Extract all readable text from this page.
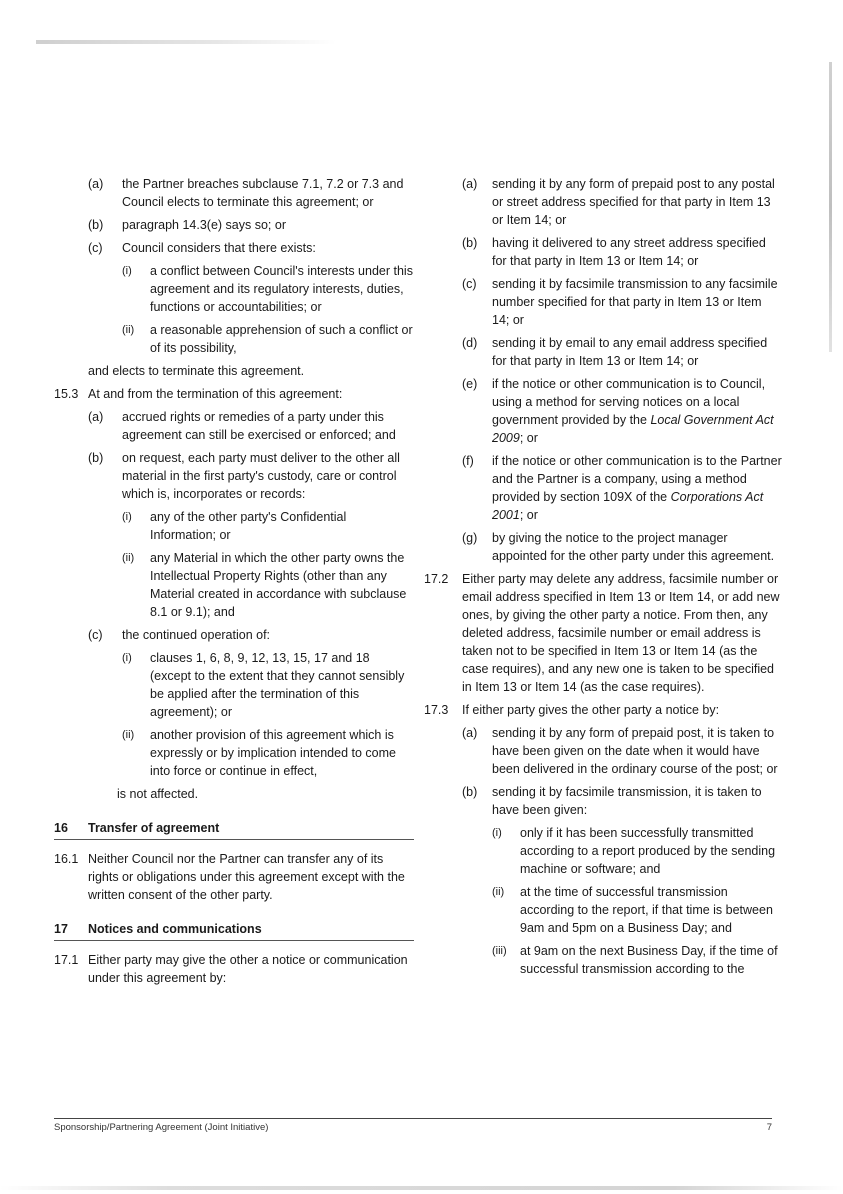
(a)	the Partner breaches subclause 7.1, 7.2 or 7.3 and Council elects to terminate this agreement; or
(b)	paragraph 14.3(e) says so; or
(c)	Council considers that there exists:
(i)	a conflict between Council's interests under this agreement and its regulatory interests, duties, functions or accountabilities; or
(ii)	a reasonable apprehension of such a conflict or of its possibility,
and elects to terminate this agreement.
15.3 At and from the termination of this agreement:
(a)	accrued rights or remedies of a party under this agreement can still be exercised or enforced; and
(b)	on request, each party must deliver to the other all material in the first party's custody, care or control which is, incorporates or records:
(i)	any of the other party's Confidential Information; or
(ii)	any Material in which the other party owns the Intellectual Property Rights (other than any Material created in accordance with subclause 8.1 or 9.1); and
(c)	the continued operation of:
(i)	clauses 1, 6, 8, 9, 12, 13, 15, 17 and 18 (except to the extent that they cannot sensibly be applied after the termination of this agreement); or
(ii)	another provision of this agreement which is expressly or by implication intended to come into force or continue in effect,
is not affected.
16	Transfer of agreement
16.1 Neither Council nor the Partner can transfer any of its rights or obligations under this agreement except with the written consent of the other party.
17	Notices and communications
17.1 Either party may give the other a notice or communication under this agreement by:
(a)	sending it by any form of prepaid post to any postal or street address specified for that party in Item 13 or Item 14; or
(b)	having it delivered to any street address specified for that party in Item 13 or Item 14; or
(c)	sending it by facsimile transmission to any facsimile number specified for that party in Item 13 or Item 14; or
(d)	sending it by email to any email address specified for that party in Item 13 or Item 14; or
(e)	if the notice or other communication is to Council, using a method for serving notices on a local government provided by the Local Government Act 2009; or
(f)	if the notice or other communication is to the Partner and the Partner is a company, using a method provided by section 109X of the Corporations Act 2001; or
(g)	by giving the notice to the project manager appointed for the other party under this agreement.
17.2	Either party may delete any address, facsimile number or email address specified in Item 13 or Item 14, or add new ones, by giving the other party a notice. From then, any deleted address, facsimile number or email address is taken not to be specified in Item 13 or Item 14 (as the case requires), and any new one is taken to be specified in Item 13 or Item 14 (as the case requires).
17.3	If either party gives the other party a notice by:
(a)	sending it by any form of prepaid post, it is taken to have been given on the date when it would have been delivered in the ordinary course of the post; or
(b)	sending it by facsimile transmission, it is taken to have been given:
(i)	only if it has been successfully transmitted according to a report produced by the sending machine or software; and
(ii)	at the time of successful transmission according to the report, if that time is between 9am and 5pm on a Business Day; and
(iii)	at 9am on the next Business Day, if the time of successful transmission according to the
Sponsorship/Partnering Agreement (Joint Initiative)	7
